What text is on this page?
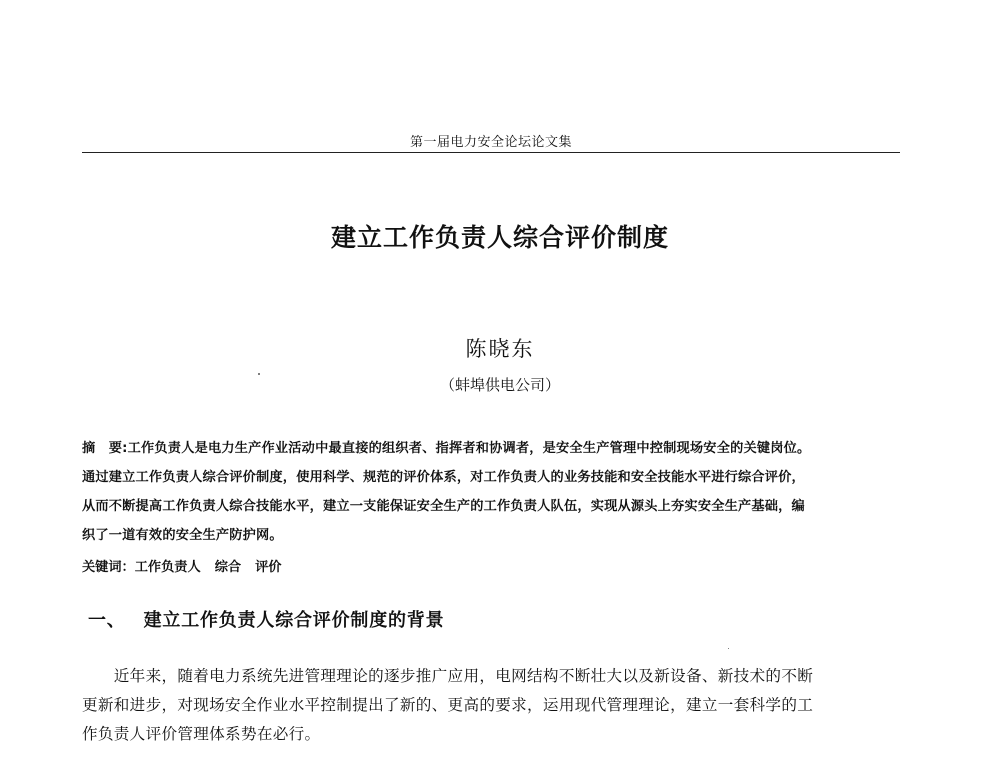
第一届电力安全论坛论文集
建立工作负责人综合评价制度
陈晓东
（蚌埠供电公司）
摘　要:工作负责人是电力生产作业活动中最直接的组织者、指挥者和协调者，是安全生产管理中控制现场安全的关键岗位。
通过建立工作负责人综合评价制度，使用科学、规范的评价体系，对工作负责人的业务技能和安全技能水平进行综合评价，
从而不断提高工作负责人综合技能水平，建立一支能保证安全生产的工作负责人队伍，实现从源头上夯实安全生产基础，编
织了一道有效的安全生产防护网。
关键词：工作负责人 综合 评价
一、 建立工作负责人综合评价制度的背景
　　近年来，随着电力系统先进管理理论的逐步推广应用，电网结构不断壮大以及新设备、新技术的不断
更新和进步，对现场安全作业水平控制提出了新的、更高的要求，运用现代管理理论，建立一套科学的工
作负责人评价管理体系势在必行。
